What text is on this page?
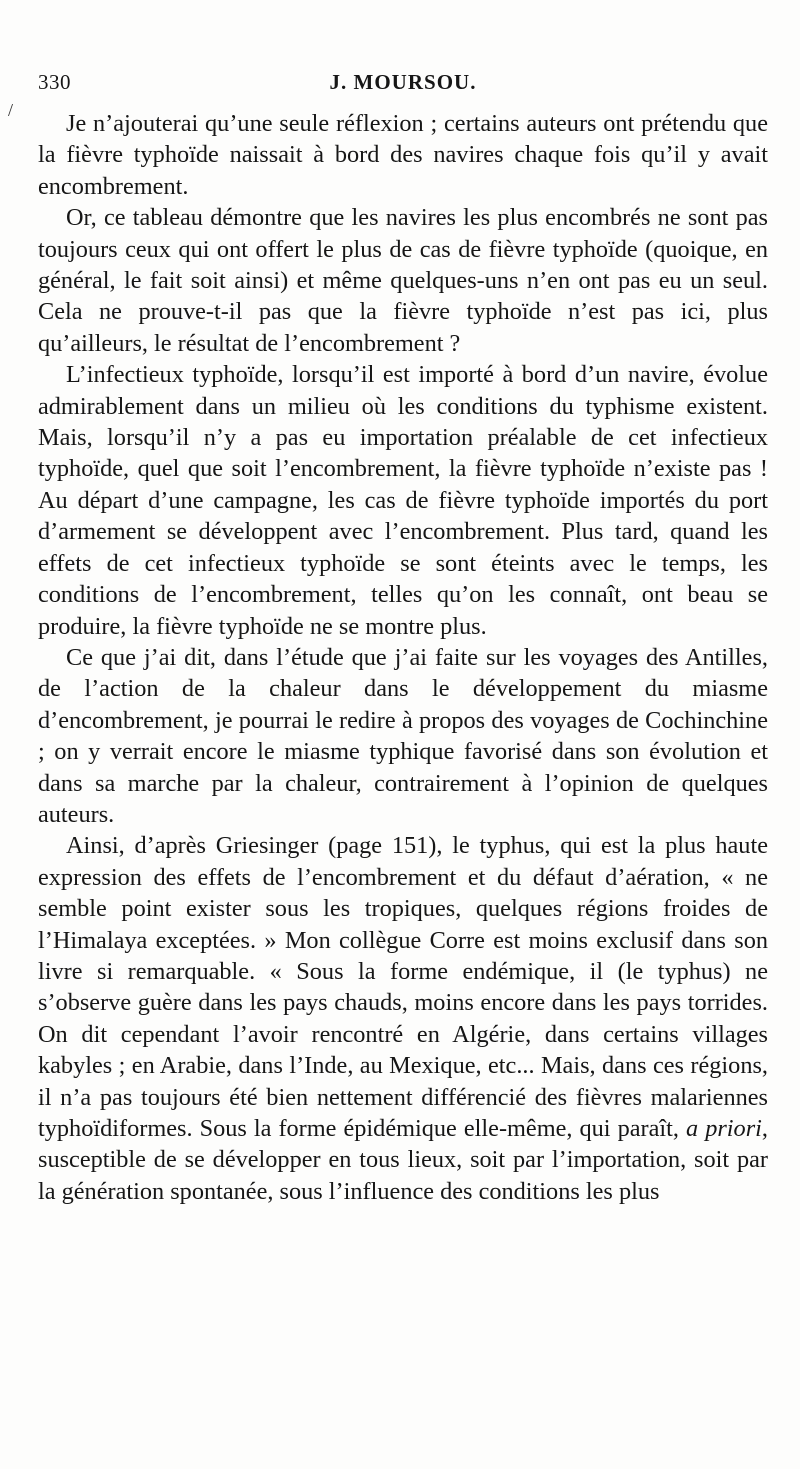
/
330	J. MOURSOU.

Je n’ajouterai qu’une seule réflexion ; certains auteurs ont prétendu que la fièvre typhoïde naissait à bord des navires chaque fois qu’il y avait encombrement.

Or, ce tableau démontre que les navires les plus encombrés ne sont pas toujours ceux qui ont offert le plus de cas de fièvre typhoïde (quoique, en général, le fait soit ainsi) et même quelques-uns n’en ont pas eu un seul. Cela ne prouve-t-il pas que la fièvre typhoïde n’est pas ici, plus qu’ailleurs, le résultat de l’encombrement ?

L’infectieux typhoïde, lorsqu’il est importé à bord d’un navire, évolue admirablement dans un milieu où les conditions du typhisme existent. Mais, lorsqu’il n’y a pas eu importation préalable de cet infectieux typhoïde, quel que soit l’encombrement, la fièvre typhoïde n’existe pas ! Au départ d’une campagne, les cas de fièvre typhoïde importés du port d’armement se développent avec l’encombrement. Plus tard, quand les effets de cet infectieux typhoïde se sont éteints avec le temps, les conditions de l’encombrement, telles qu’on les connaît, ont beau se produire, la fièvre typhoïde ne se montre plus.

Ce que j’ai dit, dans l’étude que j’ai faite sur les voyages des Antilles, de l’action de la chaleur dans le développement du miasme d’encombrement, je pourrai le redire à propos des voyages de Cochinchine ; on y verrait encore le miasme typhique favorisé dans son évolution et dans sa marche par la chaleur, contrairement à l’opinion de quelques auteurs.

Ainsi, d’après Griesinger (page 151), le typhus, qui est la plus haute expression des effets de l’encombrement et du défaut d’aération, « ne semble point exister sous les tropiques, quelques régions froides de l’Himalaya exceptées. » Mon collègue Corre est moins exclusif dans son livre si remarquable. « Sous la forme endémique, il (le typhus) ne s’observe guère dans les pays chauds, moins encore dans les pays torrides. On dit cependant l’avoir rencontré en Algérie, dans certains villages kabyles ; en Arabie, dans l’Inde, au Mexique, etc... Mais, dans ces régions, il n’a pas toujours été bien nettement différencié des fièvres malariennes typhoïdiformes. Sous la forme épidémique elle-même, qui paraît, a priori, susceptible de se développer en tous lieux, soit par l’importation, soit par la génération spontanée, sous l’influence des conditions les plus
